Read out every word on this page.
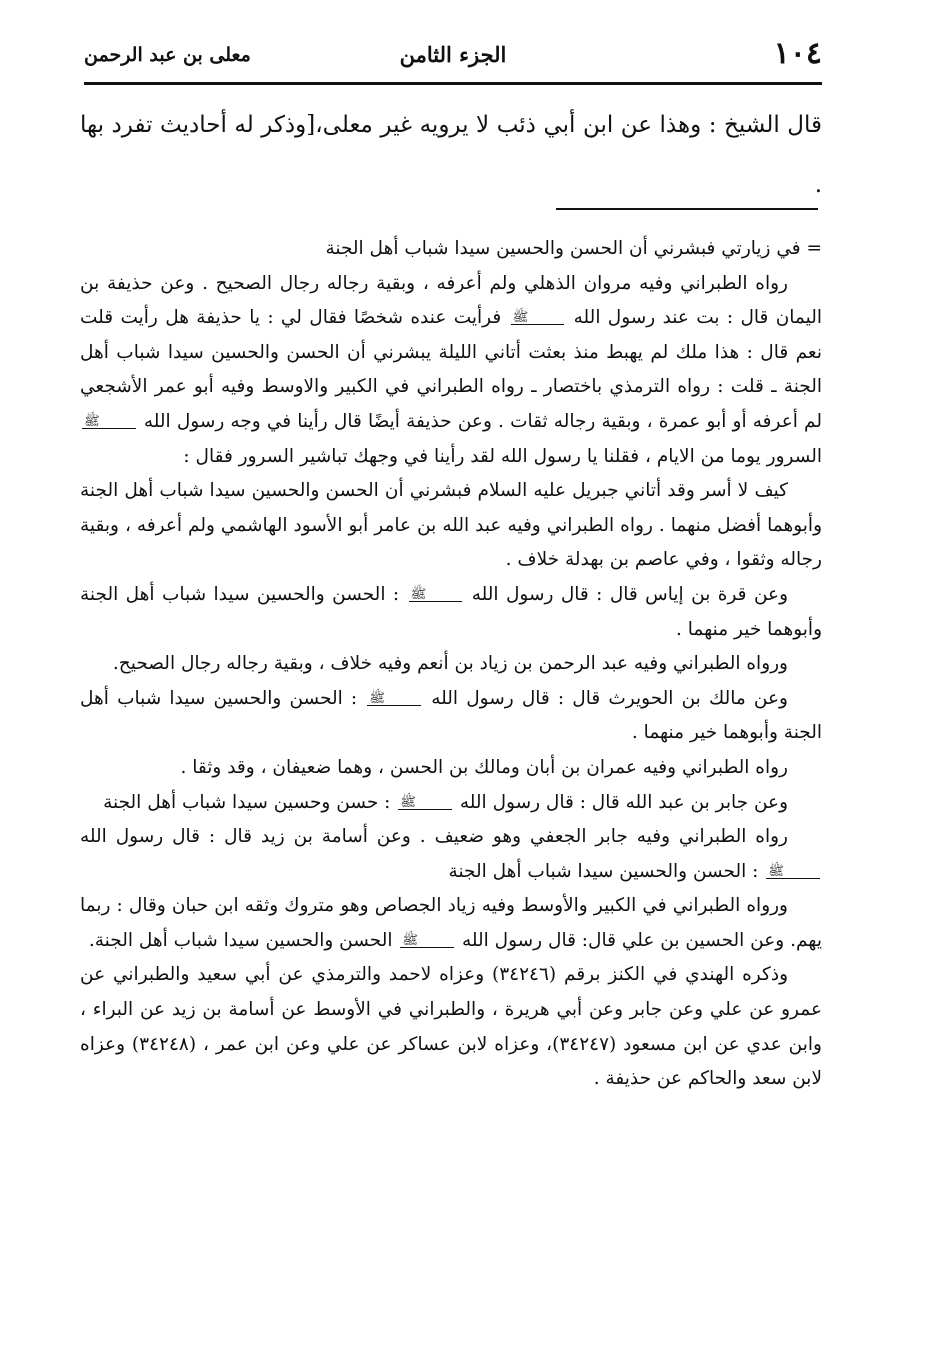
١٠٤
الجزء الثامن
معلى بن عبد الرحمن
قال الشيخ : وهذا عن ابن أبي ذئب لا يرويه غير معلى،[وذكر له أحاديث تفرد بها .

= في زيارتي فبشرني أن الحسن والحسين سيدا شباب أهل الجنة

رواه الطبراني وفيه مروان الذهلي ولم أعرفه ، وبقية رجاله رجال الصحيح . وعن حذيفة بن اليمان قال : بت عند رسول الله ﷺ فرأيت عنده شخصًا فقال لي : يا حذيفة هل رأيت قلت نعم قال : هذا ملك لم يهبط منذ بعثت أتاني الليلة يبشرني أن الحسن والحسين سيدا شباب أهل الجنة ـ قلت : رواه الترمذي باختصار ـ رواه الطبراني في الكبير والاوسط وفيه أبو عمر الأشجعي لم أعرفه أو أبو عمرة ، وبقية رجاله ثقات . وعن حذيفة أيضًا قال رأينا في وجه رسول الله ﷺ السرور يوما من الايام ، فقلنا يا رسول الله لقد رأينا في وجهك تباشير السرور فقال :

كيف لا أسر وقد أتاني جبريل عليه السلام فبشرني أن الحسن والحسين سيدا شباب أهل الجنة وأبوهما أفضل منهما . رواه الطبراني وفيه عبد الله بن عامر أبو الأسود الهاشمي ولم أعرفه ، وبقية رجاله وثقوا ، وفي عاصم بن بهدلة خلاف .

وعن قرة بن إياس قال : قال رسول الله ﷺ : الحسن والحسين سيدا شباب أهل الجنة وأبوهما خير منهما .

ورواه الطبراني وفيه عبد الرحمن بن زياد بن أنعم وفيه خلاف ، وبقية رجاله رجال الصحيح.

وعن مالك بن الحويرث قال : قال رسول الله ﷺ : الحسن والحسين سيدا شباب أهل الجنة وأبوهما خير منهما .

رواه الطبراني وفيه عمران بن أبان ومالك بن الحسن ، وهما ضعيفان ، وقد وثقا .

وعن جابر بن عبد الله قال : قال رسول الله ﷺ : حسن وحسين سيدا شباب أهل الجنة

رواه الطبراني وفيه جابر الجعفي وهو ضعيف . وعن أسامة بن زيد قال : قال رسول الله ﷺ : الحسن والحسين سيدا شباب أهل الجنة

ورواه الطبراني في الكبير والأوسط وفيه زياد الجصاص وهو متروك وثقه ابن حبان وقال : ربما يهم. وعن الحسين بن علي قال: قال رسول الله ﷺ الحسن والحسين سيدا شباب أهل الجنة.

وذكره الهندي في الكنز برقم (٣٤٢٤٦) وعزاه لاحمد والترمذي عن أبي سعيد والطبراني عن عمرو عن علي وعن جابر وعن أبي هريرة ، والطبراني في الأوسط عن أسامة بن زيد عن البراء ، وابن عدي عن ابن مسعود (٣٤٢٤٧)، وعزاه لابن عساكر عن علي وعن ابن عمر ، (٣٤٢٤٨) وعزاه لابن سعد والحاكم عن حذيفة .
